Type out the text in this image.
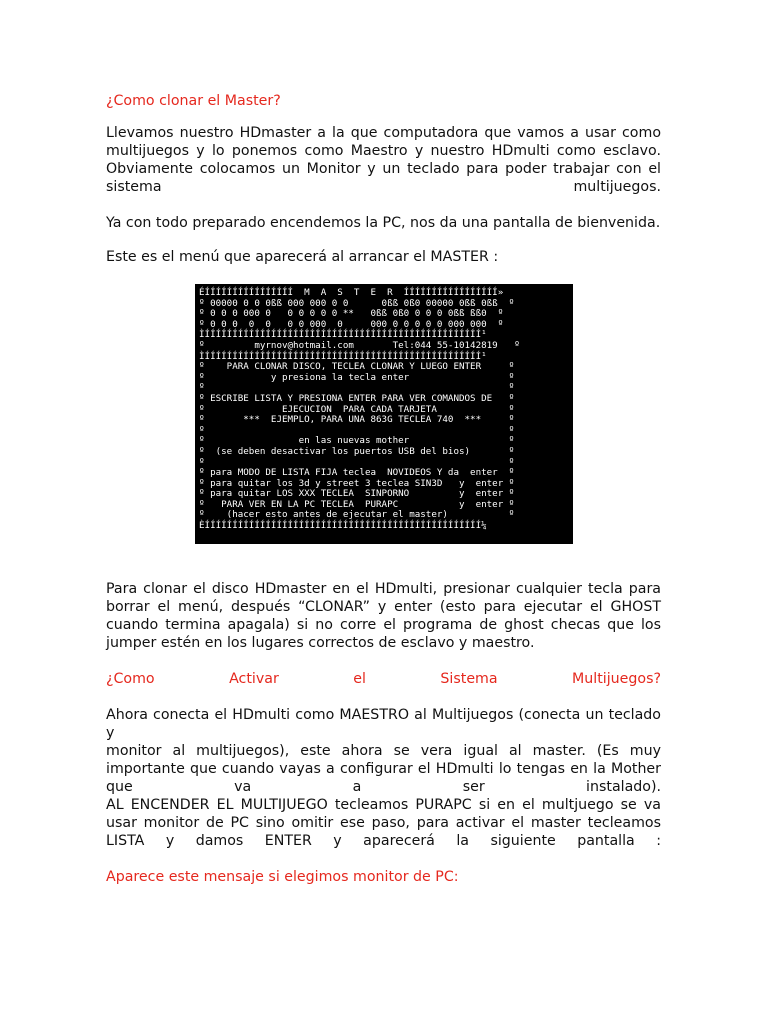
¿Como clonar el Master?

Llevamos nuestro HDmaster a la que computadora que vamos a usar como
multijuegos y lo ponemos como Maestro y nuestro HDmulti como esclavo.
Obviamente colocamos un Monitor y un teclado para poder trabajar con el
sistema	multijuegos.

Ya con todo preparado encendemos la PC, nos da una pantalla de bienvenida.

Este es el menú que aparecerá al arrancar el MASTER :

ÉÍÍÍÍÍÍÍÍÍÍÍÍÍÍÍÍ  M  A  S  T  E  R  ÍÍÍÍÍÍÍÍÍÍÍÍÍÍÍÍÍ»
º 00000 0 0 0ßß 000 000 0 0      0ßß 0ß0 00000 0ßß 0ßß  º
º 0 0 0 000 0   0 0 0 0 0 **   0ßß 0ß0 0 0 0 0ßß ßß0  º
º 0 0 0  0  0   0 0 000  0     000 0 0 0 0 0 000 000  º
ÌÍÍÍÍÍÍÍÍÍÍÍÍÍÍÍÍÍÍÍÍÍÍÍÍÍÍÍÍÍÍÍÍÍÍÍÍÍÍÍÍÍÍÍÍÍÍÍÍÍÍ¹
º         myrnov@hotmail.com       Tel:044 55-10142819   º
ÌÍÍÍÍÍÍÍÍÍÍÍÍÍÍÍÍÍÍÍÍÍÍÍÍÍÍÍÍÍÍÍÍÍÍÍÍÍÍÍÍÍÍÍÍÍÍÍÍÍÍ¹
º    PARA CLONAR DISCO, TECLEA CLONAR Y LUEGO ENTER     º
º            y presiona la tecla enter                  º
º                                                       º
º ESCRIBE LISTA Y PRESIONA ENTER PARA VER COMANDOS DE   º
º              EJECUCION  PARA CADA TARJETA             º
º       ***  EJEMPLO, PARA UNA 863G TECLEA 740  ***     º
º                                                       º
º                 en las nuevas mother                  º
º  (se deben desactivar los puertos USB del bios)       º
º                                                       º
º para MODO DE LISTA FIJA teclea  NOVIDEOS Y da  enter  º
º para quitar los 3d y street 3 teclea SIN3D   y  enter º
º para quitar LOS XXX TECLEA  SINPORNO         y  enter º
º   PARA VER EN LA PC TECLEA  PURAPC           y  enter º
º    (hacer esto antes de ejecutar el master)           º
ÈÍÍÍÍÍÍÍÍÍÍÍÍÍÍÍÍÍÍÍÍÍÍÍÍÍÍÍÍÍÍÍÍÍÍÍÍÍÍÍÍÍÍÍÍÍÍÍÍÍÍ¼
Para clonar el disco HDmaster en el HDmulti, presionar cualquier tecla para
borrar el menú, después “CLONAR” y enter (esto para ejecutar el GHOST
cuando termina apagala) si no corre el programa de ghost checas que los
jumper estén en los lugares correctos de esclavo y maestro.

¿Como Activar el Sistema Multijuegos?

Ahora conecta el HDmulti como MAESTRO al Multijuegos (conecta un teclado y
monitor al multijuegos), este ahora se vera igual al master. (Es muy
importante que cuando vayas a configurar el HDmulti lo tengas en la Mother
que va a ser instalado).
AL ENCENDER EL MULTIJUEGO tecleamos PURAPC si en el multjuego se va
usar monitor de PC sino omitir ese paso, para activar el master tecleamos
LISTA y damos ENTER y aparecerá la siguiente pantalla :

Aparece este mensaje si elegimos monitor de PC:
